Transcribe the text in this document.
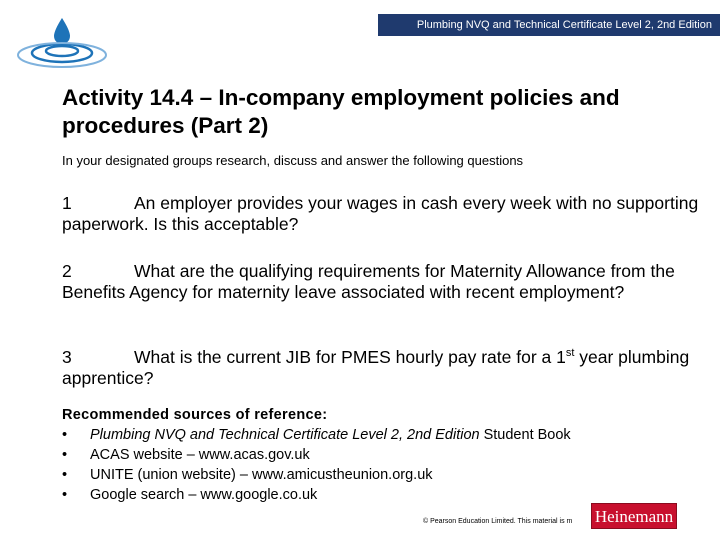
Plumbing NVQ and Technical Certificate Level 2, 2nd Edition
Activity 14.4 – In-company employment policies and procedures (Part 2)

In your designated groups research, discuss and answer the following questions

1	An employer provides your wages in cash every week with no supporting paperwork. Is this acceptable?

2	What are the qualifying requirements for Maternity Allowance from the Benefits Agency for maternity leave associated with recent employment?

3	What is the current JIB for PMES hourly pay rate for a 1st year plumbing apprentice?

Recommended sources of reference:
• Plumbing NVQ and Technical Certificate Level 2, 2nd Edition Student Book
• ACAS website – www.acas.gov.uk
• UNITE (union website) – www.amicustheunion.org.uk
• Google search – www.google.co.uk
© Pearson Education Limited. This material is m	Heinemann
